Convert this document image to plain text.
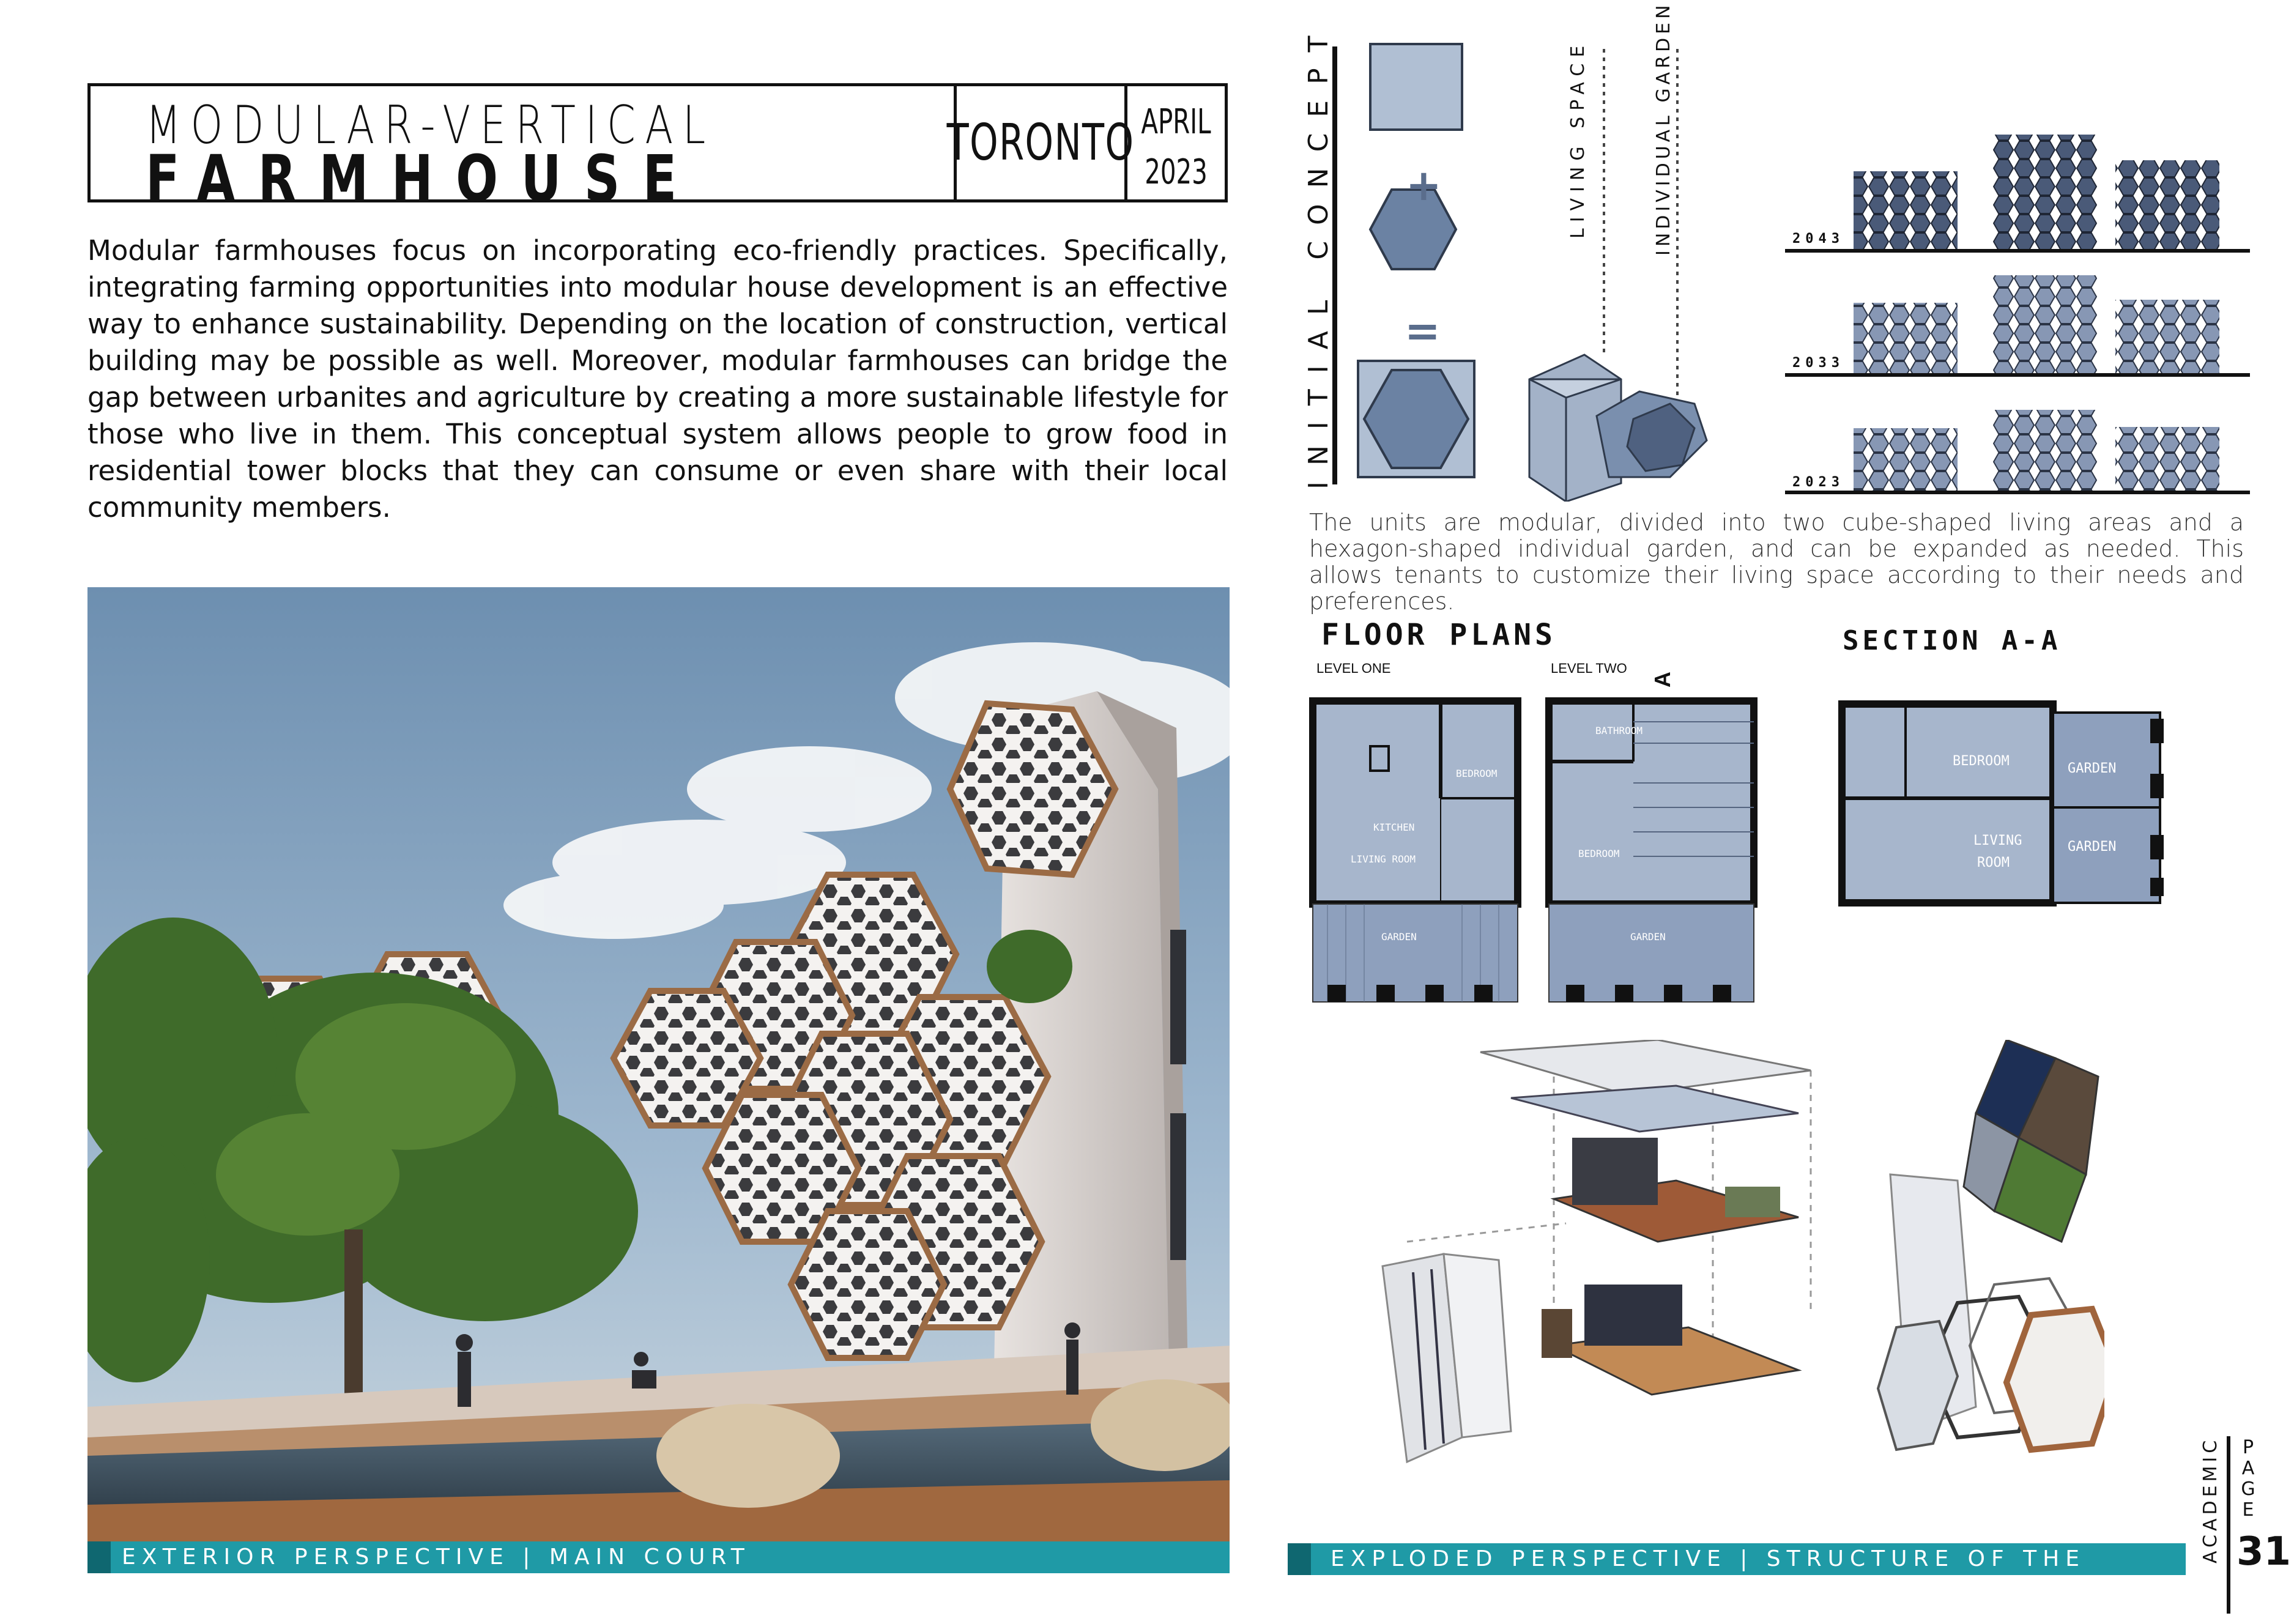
MODULAR-VERTICAL
FARMHOUSE	TORONTO APRIL
2023
Modular farmhouses focus on incorporating eco-friendly practices. Specifically, integrating farming opportunities into modular house development is an effective way to enhance sustainability. Depending on the location of construction, vertical building may be possible as well. Moreover, modular farmhouses can bridge the gap between urbanites and agriculture by creating a more sustainable lifestyle for those who live in them. This conceptual system allows people to grow food in residential tower blocks that they can consume or even share with their local community members.
EXTERIOR PERSPECTIVE | MAIN COURT
INITIAL CONCEPT +
=
LIVING SPACE	INDIVIDUAL GARDEN	2043
2033
2023
The units are modular, divided into two cube-shaped living areas and a hexagon-shaped individual garden, and can be expanded as needed. This allows tenants to customize their living space according to their needs and preferences.
FLOOR PLANS
LEVEL ONE	LEVEL TWO
A
BEDROOM
KITCHEN
LIVING ROOM
GARDEN
BATHROOM
BEDROOM
GARDEN
SECTION A-A
BEDROOM	GARDEN
LIVING
ROOM
GARDEN
EXPLODED PERSPECTIVE | STRUCTURE OF THE MODULAR UNIT
ACADEMIC PAGE
31
